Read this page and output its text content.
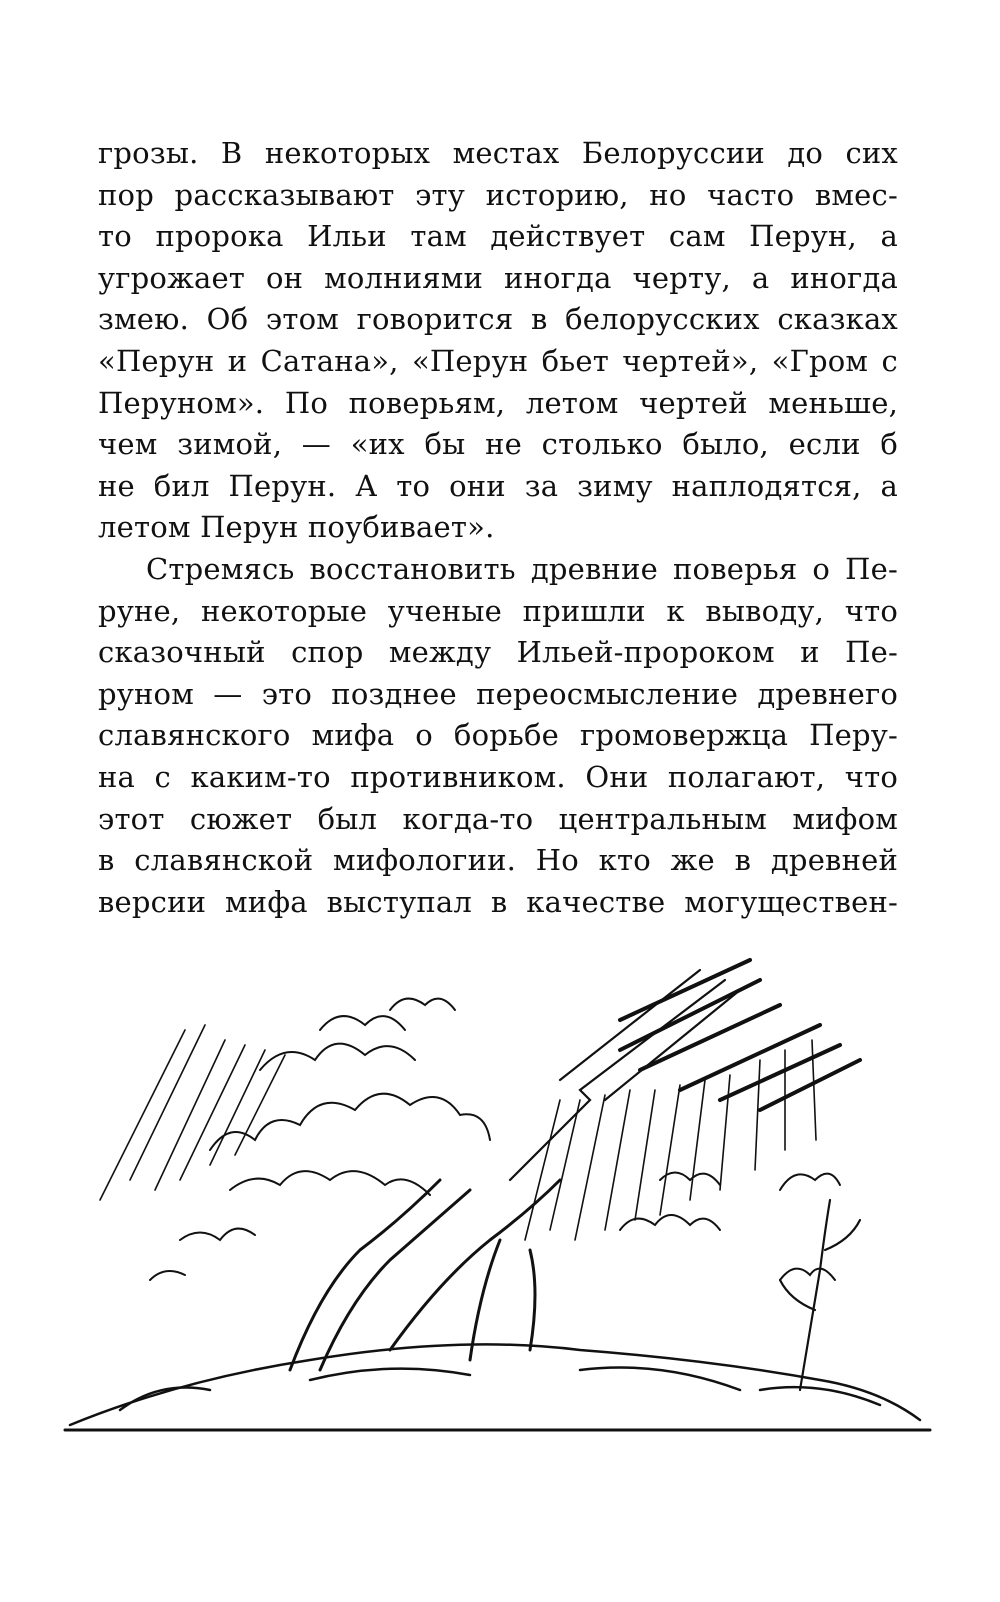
грозы. В некоторых местах Белоруссии до сих
пор рассказывают эту историю, но часто вмес-
то пророка Ильи там действует сам Перун, а
угрожает он молниями иногда черту, а иногда
змею. Об этом говорится в белорусских сказках
«Перун и Сатана», «Перун бьет чертей», «Гром с
Перуном». По поверьям, летом чертей меньше,
чем зимой, — «их бы не столько было, если б
не бил Перун. А то они за зиму наплодятся, а
летом Перун поубивает».
Стремясь восстановить древние поверья о Пе-
руне, некоторые ученые пришли к выводу, что
сказочный спор между Ильей-пророком и Пе-
руном — это позднее переосмысление древнего
славянского мифа о борьбе громовержца Перу-
на с каким-то противником. Они полагают, что
этот сюжет был когда-то центральным мифом
в славянской мифологии. Но кто же в древней
версии мифа выступал в качестве могуществен-
